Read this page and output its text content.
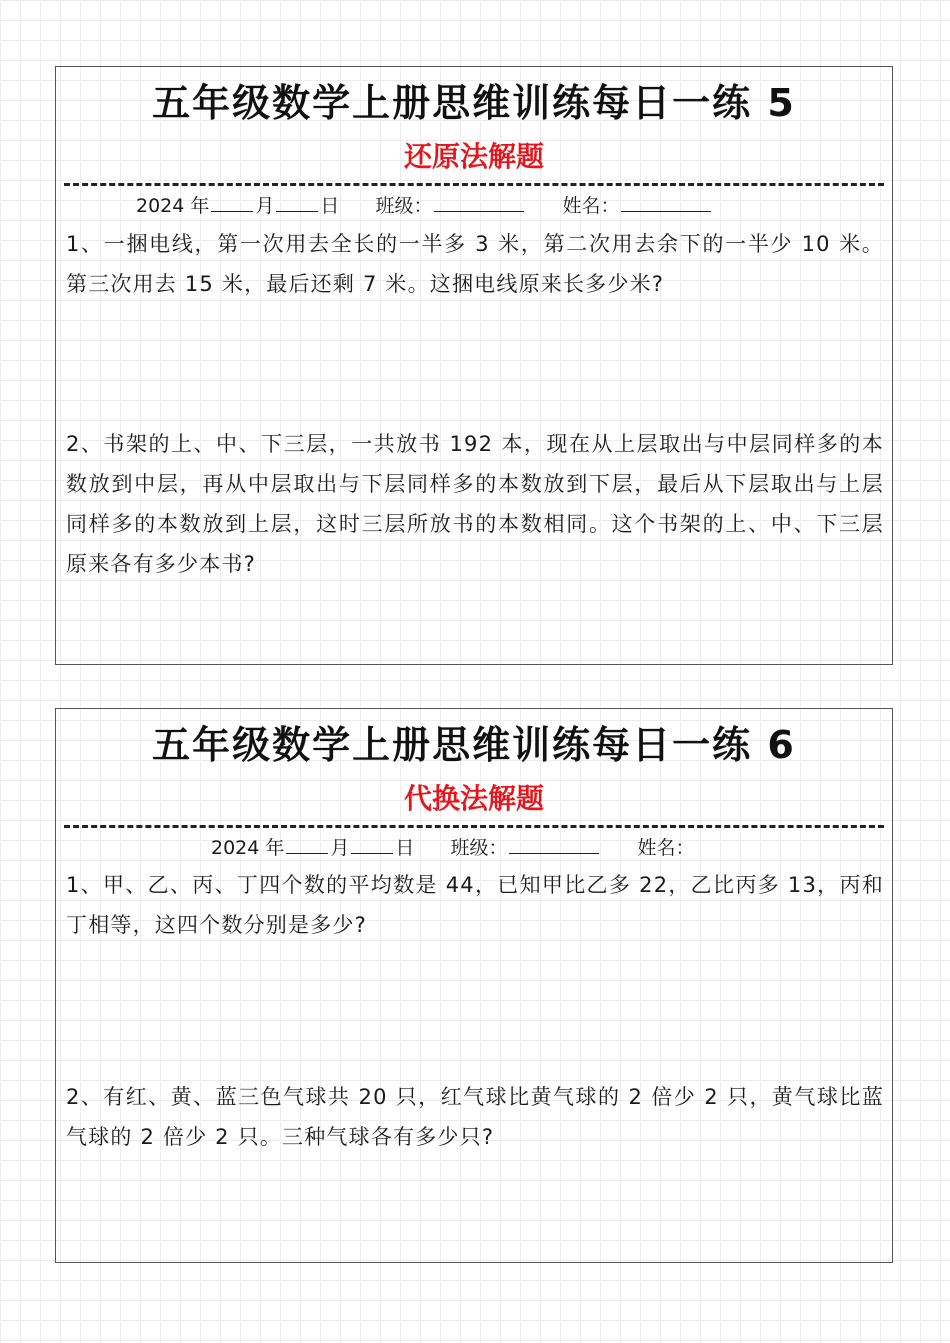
五年级数学上册思维训练每日一练 5
还原法解题
2024 年 月 日 班级：	姓名：
1、一捆电线，第一次用去全长的一半多 3 米，第二次用去余下的一半少 10 米。第三次用去 15 米，最后还剩 7 米。这捆电线原来长多少米?
2、书架的上、中、下三层，一共放书 192 本，现在从上层取出与中层同样多的本数放到中层，再从中层取出与下层同样多的本数放到下层，最后从下层取出与上层同样多的本数放到上层，这时三层所放书的本数相同。这个书架的上、中、下三层原来各有多少本书?
五年级数学上册思维训练每日一练 6
代换法解题
2024 年 月 日 班级：	姓名：
1、甲、乙、丙、丁四个数的平均数是 44，已知甲比乙多 22，乙比丙多 13，丙和丁相等，这四个数分别是多少?
2、有红、黄、蓝三色气球共 20 只，红气球比黄气球的 2 倍少 2 只，黄气球比蓝气球的 2 倍少 2 只。三种气球各有多少只?
